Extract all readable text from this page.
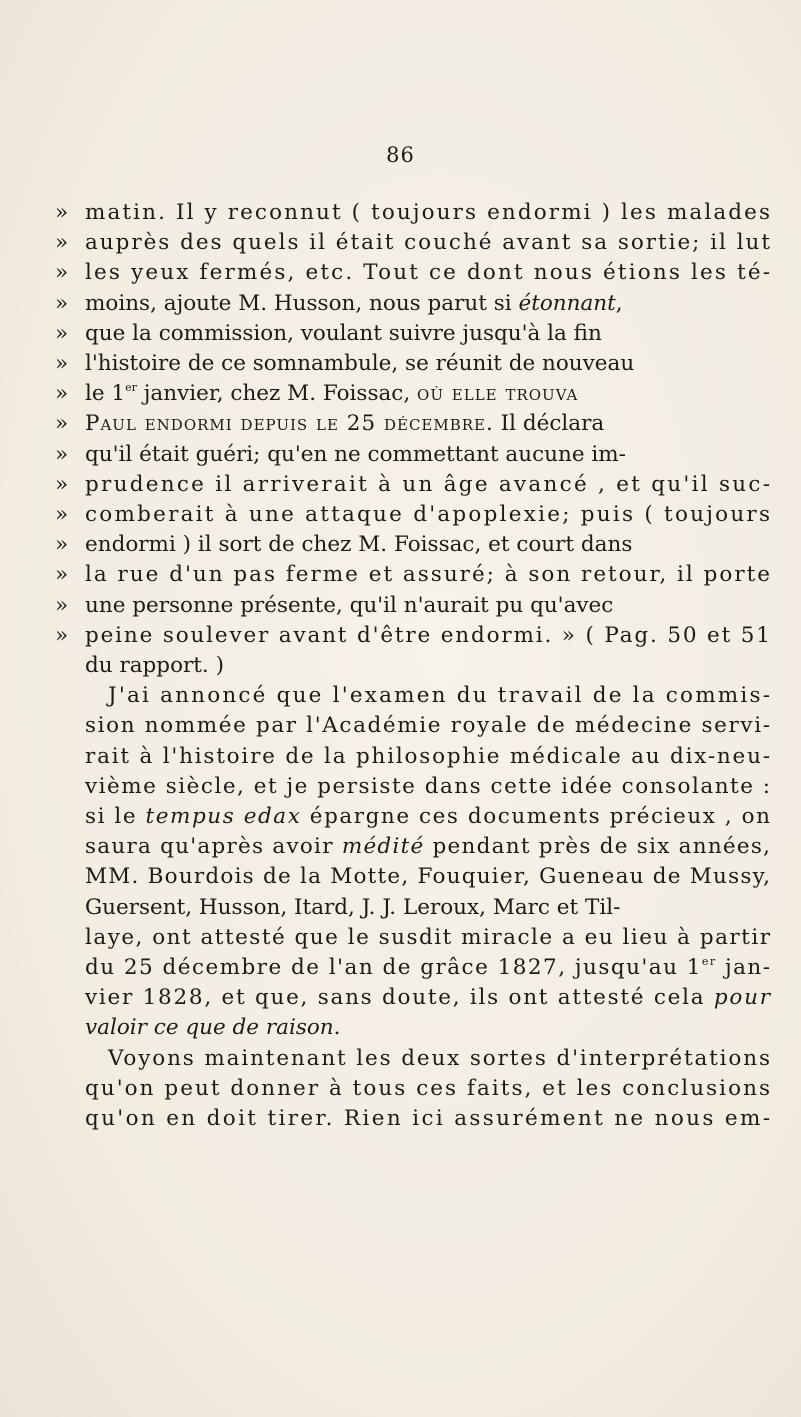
86
» matin. Il y reconnut ( toujours endormi ) les malades
» auprès des quels il était couché avant sa sortie; il lut
» les yeux fermés, etc. Tout ce dont nous étions les té-
» moins, ajoute M. Husson, nous parut si étonnant,
» que la commission, voulant suivre jusqu'à la fin
» l'histoire de ce somnambule, se réunit de nouveau
» le 1er janvier, chez M. Foissac, où elle trouva
» Paul endormi depuis le 25 décembre. Il déclara
» qu'il était guéri; qu'en ne commettant aucune im-
» prudence il arriverait à un âge avancé , et qu'il suc-
» comberait à une attaque d'apoplexie; puis ( toujours
» endormi ) il sort de chez M. Foissac, et court dans
» la rue d'un pas ferme et assuré; à son retour, il porte
» une personne présente, qu'il n'aurait pu qu'avec
» peine soulever avant d'être endormi. » ( Pag. 50 et 51
du rapport. )
J'ai annoncé que l'examen du travail de la commis-
sion nommée par l'Académie royale de médecine servi-
rait à l'histoire de la philosophie médicale au dix-neu-
vième siècle, et je persiste dans cette idée consolante :
si le tempus edax épargne ces documents précieux , on
saura qu'après avoir médité pendant près de six années,
MM. Bourdois de la Motte, Fouquier, Gueneau de Mussy,
Guersent, Husson, Itard, J. J. Leroux, Marc et Til-
laye, ont attesté que le susdit miracle a eu lieu à partir
du 25 décembre de l'an de grâce 1827, jusqu'au 1er jan-
vier 1828, et que, sans doute, ils ont attesté cela pour
valoir ce que de raison.
Voyons maintenant les deux sortes d'interprétations
qu'on peut donner à tous ces faits, et les conclusions
qu'on en doit tirer. Rien ici assurément ne nous em-
